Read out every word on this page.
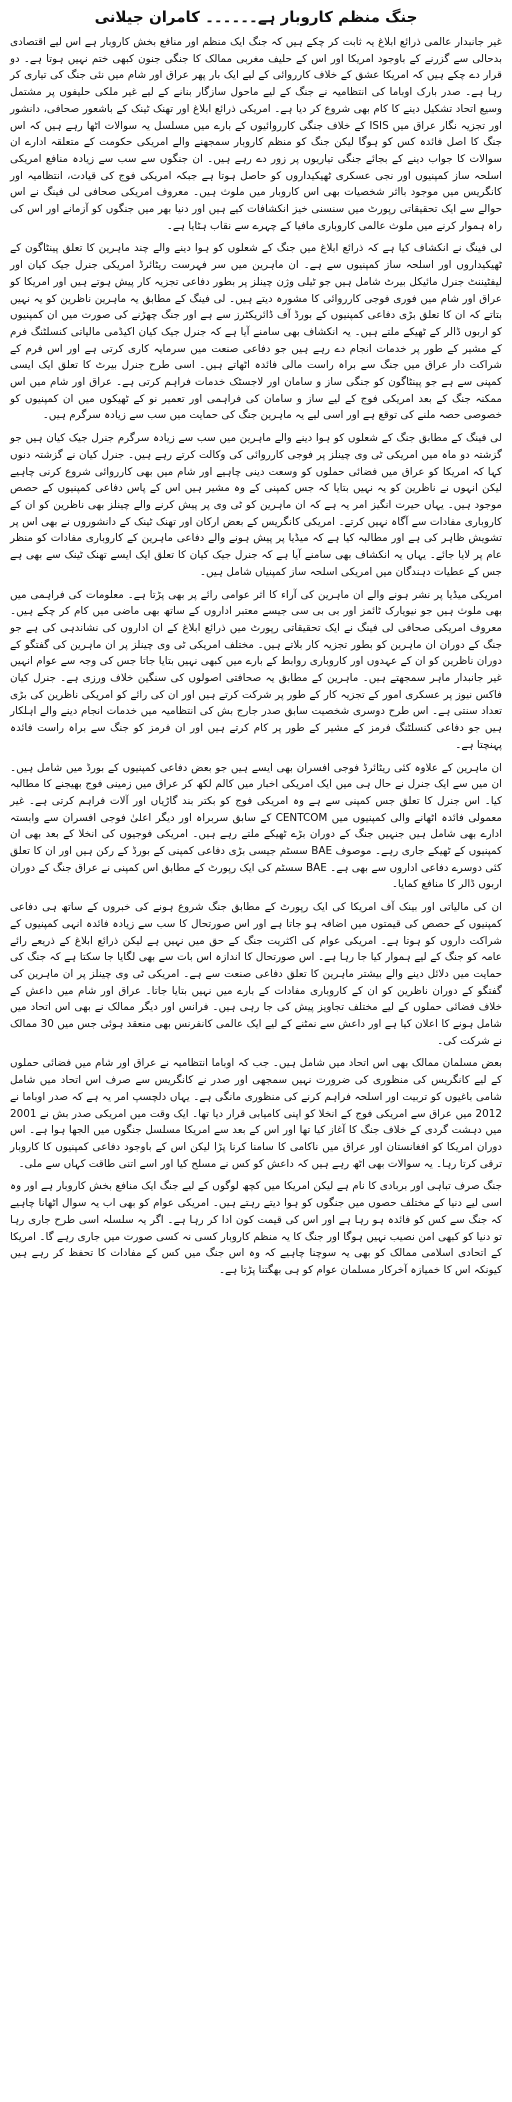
جنگ منظم کاروبار ہے۔۔۔۔۔۔ کامران جیلانی

غیر جانبدار عالمی ذرائع ابلاغ یہ ثابت کر چکے ہیں کہ جنگ ایک منظم اور منافع بخش کاروبار ہے اس لیے اقتصادی بدحالی سے گزرنے کے باوجود امریکا اور اس کے حلیف مغربی ممالک کا جنگی جنون کبھی ختم نہیں ہوتا ہے۔ دو قرار دے چکے ہیں کہ امریکا عشق کے خلاف کارروائی کے لیے ایک بار پھر عراق اور شام میں نئی جنگ کی تیاری کر رہا ہے۔ صدر بارک اوباما کی انتظامیہ نے جنگ کے لیے ماحول سازگار بنانے کے لیے غیر ملکی حلیفوں پر مشتمل وسیع اتحاد تشکیل دینے کا کام بھی شروع کر دیا ہے۔ امریکی ذرائع ابلاغ اور تھنک ٹینک کے باشعور صحافی، دانشور اور تجزیہ نگار عراق میں ISIS کے خلاف جنگی کارروائیوں کے بارے میں مسلسل یہ سوالات اٹھا رہے ہیں کہ اس جنگ کا اصل فائدہ کس کو ہوگا لیکن جنگ کو منظم کاروبار سمجھنے والے امریکی حکومت کے متعلقہ ادارے ان سوالات کا جواب دینے کے بجائے جنگی تیاریوں پر زور دے رہے ہیں۔ ان جنگوں سے سب سے زیادہ منافع امریکی اسلحہ ساز کمپنیوں اور نجی عسکری ٹھیکیداروں کو حاصل ہوتا ہے جبکہ امریکی فوج کی قیادت، انتظامیہ اور کانگریس میں موجود بااثر شخصیات بھی اس کاروبار میں ملوث ہیں۔ معروف امریکی صحافی لی فینگ نے اس حوالے سے ایک تحقیقاتی رپورٹ میں سنسنی خیز انکشافات کیے ہیں اور دنیا بھر میں جنگوں کو آزمانے اور اس کی راہ ہموار کرنے میں ملوث عالمی کاروباری مافیا کے چہرے سے نقاب ہٹایا ہے۔

لی فینگ نے انکشاف کیا ہے کہ ذرائع ابلاغ میں جنگ کے شعلوں کو ہوا دینے والے چند ماہرین کا تعلق پینٹاگون کے ٹھیکیداروں اور اسلحہ ساز کمپنیوں سے ہے۔ ان ماہرین میں سر فہرست ریٹائرڈ امریکی جنرل جیک کیان اور لیفٹیننٹ جنرل مائیکل بیرٹ شامل ہیں جو ٹیلی وژن چینلز پر بطور دفاعی تجزیہ کار پیش ہوتے ہیں اور امریکا کو عراق اور شام میں فوری فوجی کارروائی کا مشورہ دیتے ہیں۔ لی فینگ کے مطابق یہ ماہرین ناظرین کو یہ نہیں بتاتے کہ ان کا تعلق بڑی دفاعی کمپنیوں کے بورڈ آف ڈائریکٹرز سے ہے اور جنگ چھڑنے کی صورت میں ان کمپنیوں کو اربوں ڈالر کے ٹھیکے ملتے ہیں۔ یہ انکشاف بھی سامنے آیا ہے کہ جنرل جیک کیان اکیڈمی مالیاتی کنسلٹنگ فرم کے مشیر کے طور پر خدمات انجام دے رہے ہیں جو دفاعی صنعت میں سرمایہ کاری کرتی ہے اور اس فرم کے شراکت دار عراق میں جنگ سے براہ راست مالی فائدہ اٹھاتے ہیں۔ اسی طرح جنرل بیرٹ کا تعلق ایک ایسی کمپنی سے ہے جو پینٹاگون کو جنگی ساز و سامان اور لاجسٹک خدمات فراہم کرتی ہے۔ عراق اور شام میں اس ممکنہ جنگ کے بعد امریکی فوج کے لیے ساز و سامان کی فراہمی اور تعمیر نو کے ٹھیکوں میں ان کمپنیوں کو خصوصی حصہ ملنے کی توقع ہے اور اسی لیے یہ ماہرین جنگ کی حمایت میں سب سے زیادہ سرگرم ہیں۔

لی فینگ کے مطابق جنگ کے شعلوں کو ہوا دینے والے ماہرین میں سب سے زیادہ سرگرم جنرل جیک کیان ہیں جو گزشتہ دو ماہ میں امریکی ٹی وی چینلز پر فوجی کارروائی کی وکالت کرتے رہے ہیں۔ جنرل کیان نے گزشتہ دنوں کہا کہ امریکا کو عراق میں فضائی حملوں کو وسعت دینی چاہیے اور شام میں بھی کارروائی شروع کرنی چاہیے لیکن انہوں نے ناظرین کو یہ نہیں بتایا کہ جس کمپنی کے وہ مشیر ہیں اس کے پاس دفاعی کمپنیوں کے حصص موجود ہیں۔ یہاں حیرت انگیز امر یہ ہے کہ ان ماہرین کو ٹی وی پر پیش کرنے والے چینلز بھی ناظرین کو ان کے کاروباری مفادات سے آگاہ نہیں کرتے۔ امریکی کانگریس کے بعض ارکان اور تھنک ٹینک کے دانشوروں نے بھی اس پر تشویش ظاہر کی ہے اور مطالبہ کیا ہے کہ میڈیا پر پیش ہونے والے دفاعی ماہرین کے کاروباری مفادات کو منظر عام پر لایا جائے۔ یہاں یہ انکشاف بھی سامنے آیا ہے کہ جنرل جیک کیان کا تعلق ایک ایسے تھنک ٹینک سے بھی ہے جس کے عطیات دہندگان میں امریکی اسلحہ ساز کمپنیاں شامل ہیں۔

امریکی میڈیا پر نشر ہونے والے ان ماہرین کی آراء کا اثر عوامی رائے پر بھی پڑتا ہے۔ معلومات کی فراہمی میں بھی ملوث ہیں جو نیویارک ٹائمز اور بی بی سی جیسے معتبر اداروں کے ساتھ بھی ماضی میں کام کر چکے ہیں۔ معروف امریکی صحافی لی فینگ نے ایک تحقیقاتی رپورٹ میں ذرائع ابلاغ کے ان اداروں کی نشاندہی کی ہے جو جنگ کے دوران ان ماہرین کو بطور تجزیہ کار بلاتے ہیں۔ مختلف امریکی ٹی وی چینلز پر ان ماہرین کی گفتگو کے دوران ناظرین کو ان کے عہدوں اور کاروباری روابط کے بارے میں کبھی نہیں بتایا جاتا جس کی وجہ سے عوام انہیں غیر جانبدار ماہر سمجھتے ہیں۔ ماہرین کے مطابق یہ صحافتی اصولوں کی سنگین خلاف ورزی ہے۔ جنرل کیان فاکس نیوز پر عسکری امور کے تجزیہ کار کے طور پر شرکت کرتے ہیں اور ان کی رائے کو امریکی ناظرین کی بڑی تعداد سنتی ہے۔ اس طرح دوسری شخصیت سابق صدر جارج بش کی انتظامیہ میں خدمات انجام دینے والے اہلکار ہیں جو دفاعی کنسلٹنگ فرمز کے مشیر کے طور پر کام کرتے ہیں اور ان فرمز کو جنگ سے براہ راست فائدہ پہنچتا ہے۔

ان ماہرین کے علاوہ کئی ریٹائرڈ فوجی افسران بھی ایسے ہیں جو بعض دفاعی کمپنیوں کے بورڈ میں شامل ہیں۔ ان میں سے ایک جنرل نے حال ہی میں ایک امریکی اخبار میں کالم لکھ کر عراق میں زمینی فوج بھیجنے کا مطالبہ کیا۔ اس جنرل کا تعلق جس کمپنی سے ہے وہ امریکی فوج کو بکتر بند گاڑیاں اور آلات فراہم کرتی ہے۔ غیر معمولی فائدہ اٹھانے والی کمپنیوں میں CENTCOM کے سابق سربراہ اور دیگر اعلیٰ فوجی افسران سے وابستہ ادارے بھی شامل ہیں جنہیں جنگ کے دوران بڑے ٹھیکے ملتے رہے ہیں۔ امریکی فوجیوں کی انخلا کے بعد بھی ان کمپنیوں کے ٹھیکے جاری رہے۔ موصوف BAE سسٹم جیسی بڑی دفاعی کمپنی کے بورڈ کے رکن ہیں اور ان کا تعلق کئی دوسرے دفاعی اداروں سے بھی ہے۔ BAE سسٹم کی ایک رپورٹ کے مطابق اس کمپنی نے عراق جنگ کے دوران اربوں ڈالر کا منافع کمایا۔

ان کی مالیاتی اور بینک آف امریکا کی ایک رپورٹ کے مطابق جنگ شروع ہونے کی خبروں کے ساتھ ہی دفاعی کمپنیوں کے حصص کی قیمتوں میں اضافہ ہو جاتا ہے اور اس صورتحال کا سب سے زیادہ فائدہ انہی کمپنیوں کے شراکت داروں کو ہوتا ہے۔ امریکی عوام کی اکثریت جنگ کے حق میں نہیں ہے لیکن ذرائع ابلاغ کے ذریعے رائے عامہ کو جنگ کے لیے ہموار کیا جا رہا ہے۔ اس صورتحال کا اندازہ اس بات سے بھی لگایا جا سکتا ہے کہ جنگ کی حمایت میں دلائل دینے والے بیشتر ماہرین کا تعلق دفاعی صنعت سے ہے۔ امریکی ٹی وی چینلز پر ان ماہرین کی گفتگو کے دوران ناظرین کو ان کے کاروباری مفادات کے بارے میں نہیں بتایا جاتا۔ عراق اور شام میں داعش کے خلاف فضائی حملوں کے لیے مختلف تجاویز پیش کی جا رہی ہیں۔ فرانس اور دیگر ممالک نے بھی اس اتحاد میں شامل ہونے کا اعلان کیا ہے اور داعش سے نمٹنے کے لیے ایک عالمی کانفرنس بھی منعقد ہوئی جس میں 30 ممالک نے شرکت کی۔

بعض مسلمان ممالک بھی اس اتحاد میں شامل ہیں۔ جب کہ اوباما انتظامیہ نے عراق اور شام میں فضائی حملوں کے لیے کانگریس کی منظوری کی ضرورت نہیں سمجھی اور صدر نے کانگریس سے صرف اس اتحاد میں شامل شامی باغیوں کو تربیت اور اسلحہ فراہم کرنے کی منظوری مانگی ہے۔ یہاں دلچسپ امر یہ ہے کہ صدر اوباما نے 2012 میں عراق سے امریکی فوج کے انخلا کو اپنی کامیابی قرار دیا تھا۔ ایک وقت میں امریکی صدر بش نے 2001 میں دہشت گردی کے خلاف جنگ کا آغاز کیا تھا اور اس کے بعد سے امریکا مسلسل جنگوں میں الجھا ہوا ہے۔ اس دوران امریکا کو افغانستان اور عراق میں ناکامی کا سامنا کرنا پڑا لیکن اس کے باوجود دفاعی کمپنیوں کا کاروبار ترقی کرتا رہا۔ یہ سوالات بھی اٹھ رہے ہیں کہ داعش کو کس نے مسلح کیا اور اسے اتنی طاقت کہاں سے ملی۔

جنگ صرف تباہی اور بربادی کا نام ہے لیکن امریکا میں کچھ لوگوں کے لیے جنگ ایک منافع بخش کاروبار ہے اور وہ اسی لیے دنیا کے مختلف حصوں میں جنگوں کو ہوا دیتے رہتے ہیں۔ امریکی عوام کو بھی اب یہ سوال اٹھانا چاہیے کہ جنگ سے کس کو فائدہ ہو رہا ہے اور اس کی قیمت کون ادا کر رہا ہے۔ اگر یہ سلسلہ اسی طرح جاری رہا تو دنیا کو کبھی امن نصیب نہیں ہوگا اور جنگ کا یہ منظم کاروبار کسی نہ کسی صورت میں جاری رہے گا۔ امریکا کے اتحادی اسلامی ممالک کو بھی یہ سوچنا چاہیے کہ وہ اس جنگ میں کس کے مفادات کا تحفظ کر رہے ہیں کیونکہ اس کا خمیازہ آخرکار مسلمان عوام کو ہی بھگتنا پڑتا ہے۔
